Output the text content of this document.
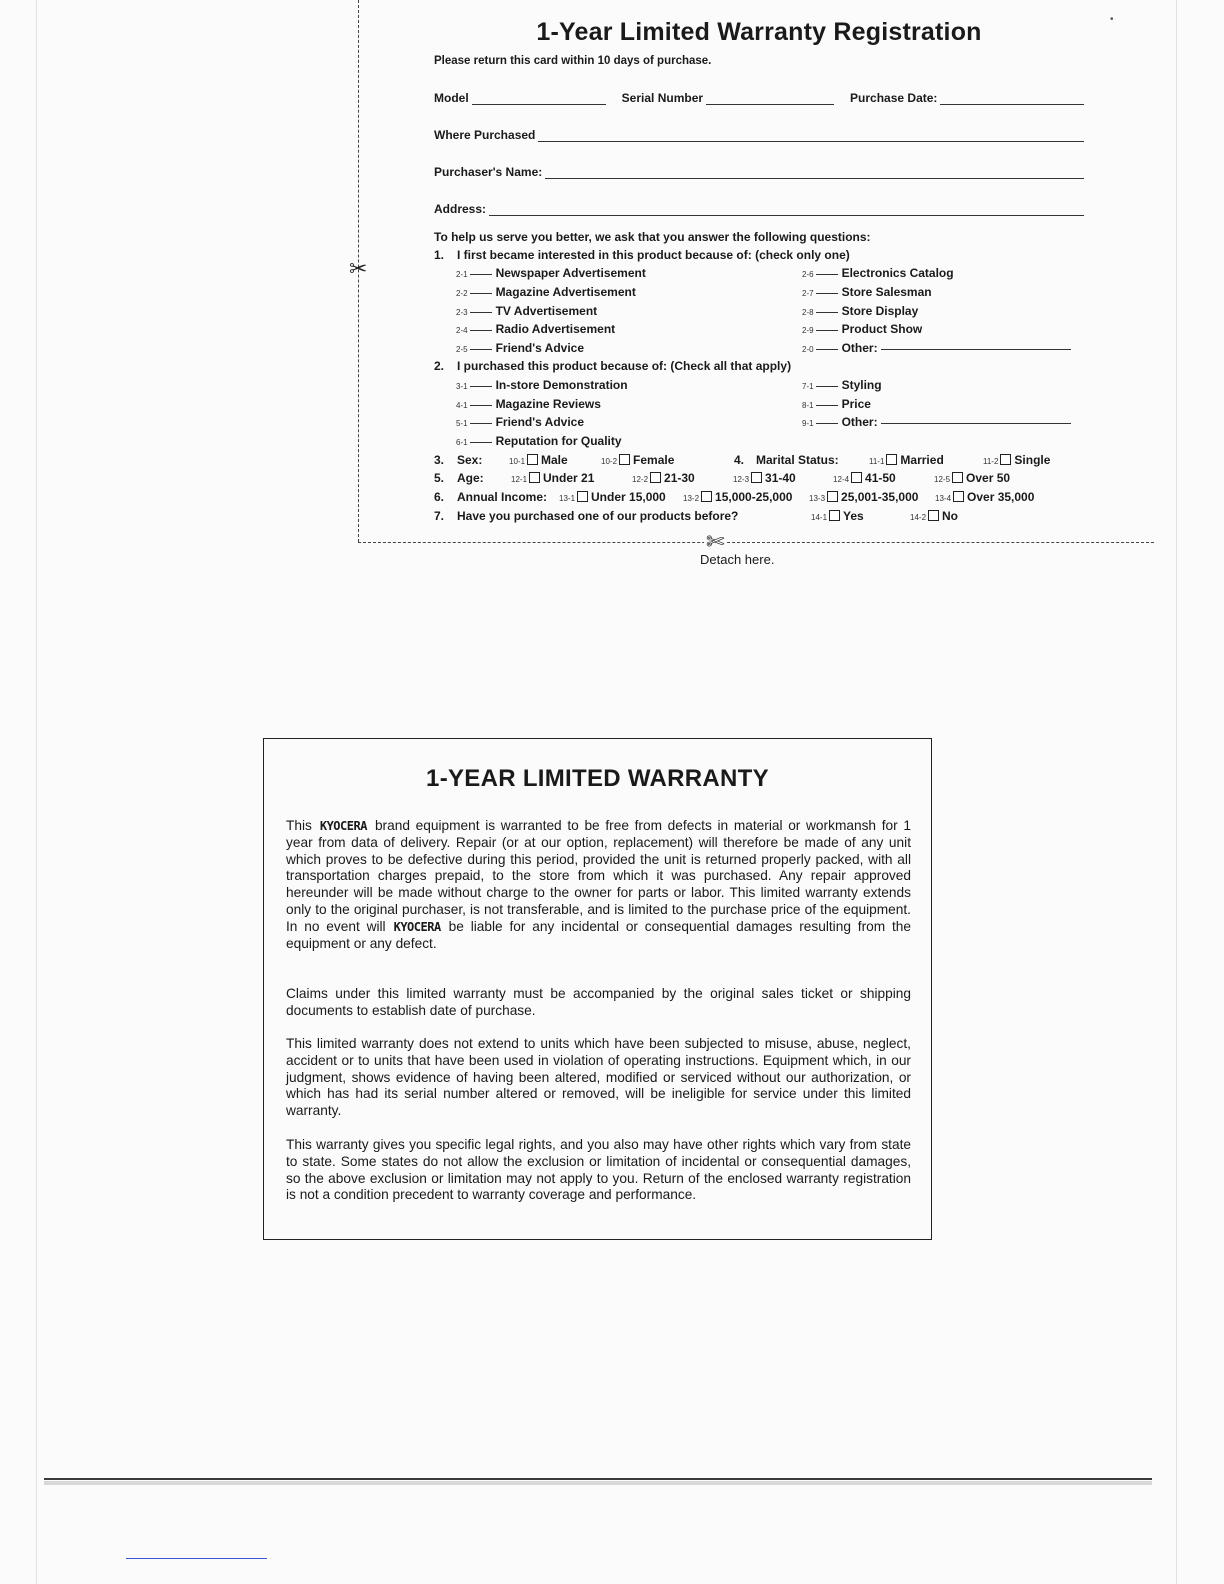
•
✂
✄
Detach here.
1-Year Limited Warranty Registration
Please return this card within 10 days of purchase.
Model	Serial Number	Purchase Date:
Where Purchased
Purchaser's Name:
Address:
To help us serve you better, we ask that you answer the following questions:
1. I first became interested in this product because of: (check only one)
2-1 Newspaper Advertisement
2-2 Magazine Advertisement
2-3 TV Advertisement
2-4 Radio Advertisement
2-5 Friend's Advice
2-6 Electronics Catalog
2-7 Store Salesman
2-8 Store Display
2-9 Product Show
2-0 Other:
2. I purchased this product because of: (Check all that apply)
3-1 In-store Demonstration
4-1 Magazine Reviews
5-1 Friend's Advice
6-1 Reputation for Quality
7-1 Styling
8-1 Price
9-1 Other:
3. Sex:	10-1 Male	10-2 Female	4. Marital Status:	11-1 Married	11-2 Single
5. Age:	12-1 Under 21	12-2 21-30	12-3 31-40	12-4 41-50	12-5 Over 50
6. Annual Income: 13-1 Under 15,000 13-2 15,000-25,000 13-3 25,001-35,000 13-4 Over 35,000
7. Have you purchased one of our products before?	14-1 Yes	14-2 No
1-YEAR LIMITED WARRANTY
This KYOCERA brand equipment is warranted to be free from defects in material or workmansh for 1 year from data of delivery. Repair (or at our option, replacement) will therefore be made of any unit which proves to be defective during this period, provided the unit is returned properly packed, with all transportation charges prepaid, to the store from which it was purchased. Any repair approved hereunder will be made without charge to the owner for parts or labor. This limited warranty extends only to the original purchaser, is not transferable, and is limited to the purchase price of the equipment. In no event will KYOCERA be liable for any incidental or consequential damages resulting from the equipment or any defect.
Claims under this limited warranty must be accompanied by the original sales ticket or shipping documents to establish date of purchase.
This limited warranty does not extend to units which have been subjected to misuse, abuse, neglect, accident or to units that have been used in violation of operating instructions. Equipment which, in our judgment, shows evidence of having been altered, modified or serviced without our authorization, or which has had its serial number altered or removed, will be ineligible for service under this limited warranty.
This warranty gives you specific legal rights, and you also may have other rights which vary from state to state. Some states do not allow the exclusion or limitation of incidental or consequential damages, so the above exclusion or limitation may not apply to you. Return of the enclosed warranty registration is not a condition precedent to warranty coverage and performance.
